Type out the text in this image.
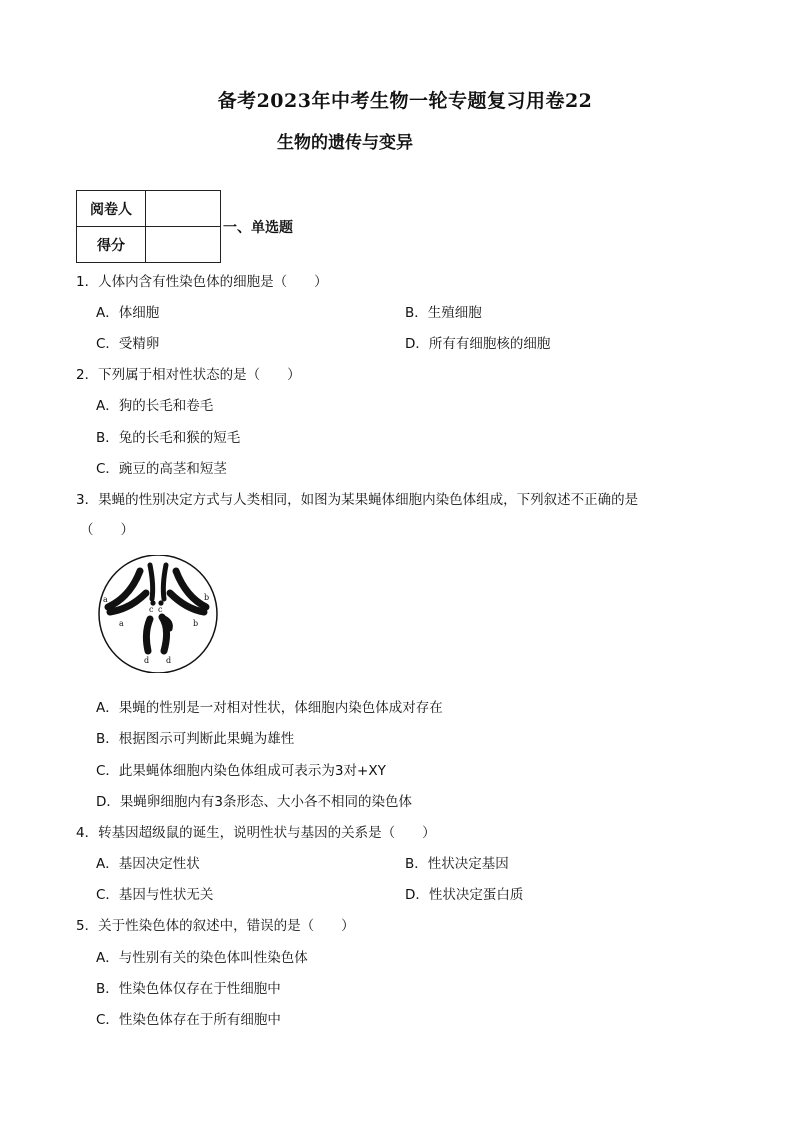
备考2023年中考生物一轮专题复习用卷22
生物的遗传与变异
阅卷人	
得分	
一、单选题
1．人体内含有性染色体的细胞是（　　）
A．体细胞	B．生殖细胞
C．受精卵	D．所有有细胞核的细胞
2．下列属于相对性状态的是（　　）
A．狗的长毛和卷毛
B．兔的长毛和猴的短毛
C．豌豆的高茎和短茎
3．果蝇的性别决定方式与人类相同，如图为某果蝇体细胞内染色体组成，下列叙述不正确的是
（　　）
a
a
b
b
c c
d d
A．果蝇的性别是一对相对性状，体细胞内染色体成对存在
B．根据图示可判断此果蝇为雄性
C．此果蝇体细胞内染色体组成可表示为3对+XY
D．果蝇卵细胞内有3条形态、大小各不相同的染色体
4．转基因超级鼠的诞生，说明性状与基因的关系是（　　）
A．基因决定性状	B．性状决定基因
C．基因与性状无关	D．性状决定蛋白质
5．关于性染色体的叙述中，错误的是（　　）
A．与性别有关的染色体叫性染色体
B．性染色体仅存在于性细胞中
C．性染色体存在于所有细胞中
